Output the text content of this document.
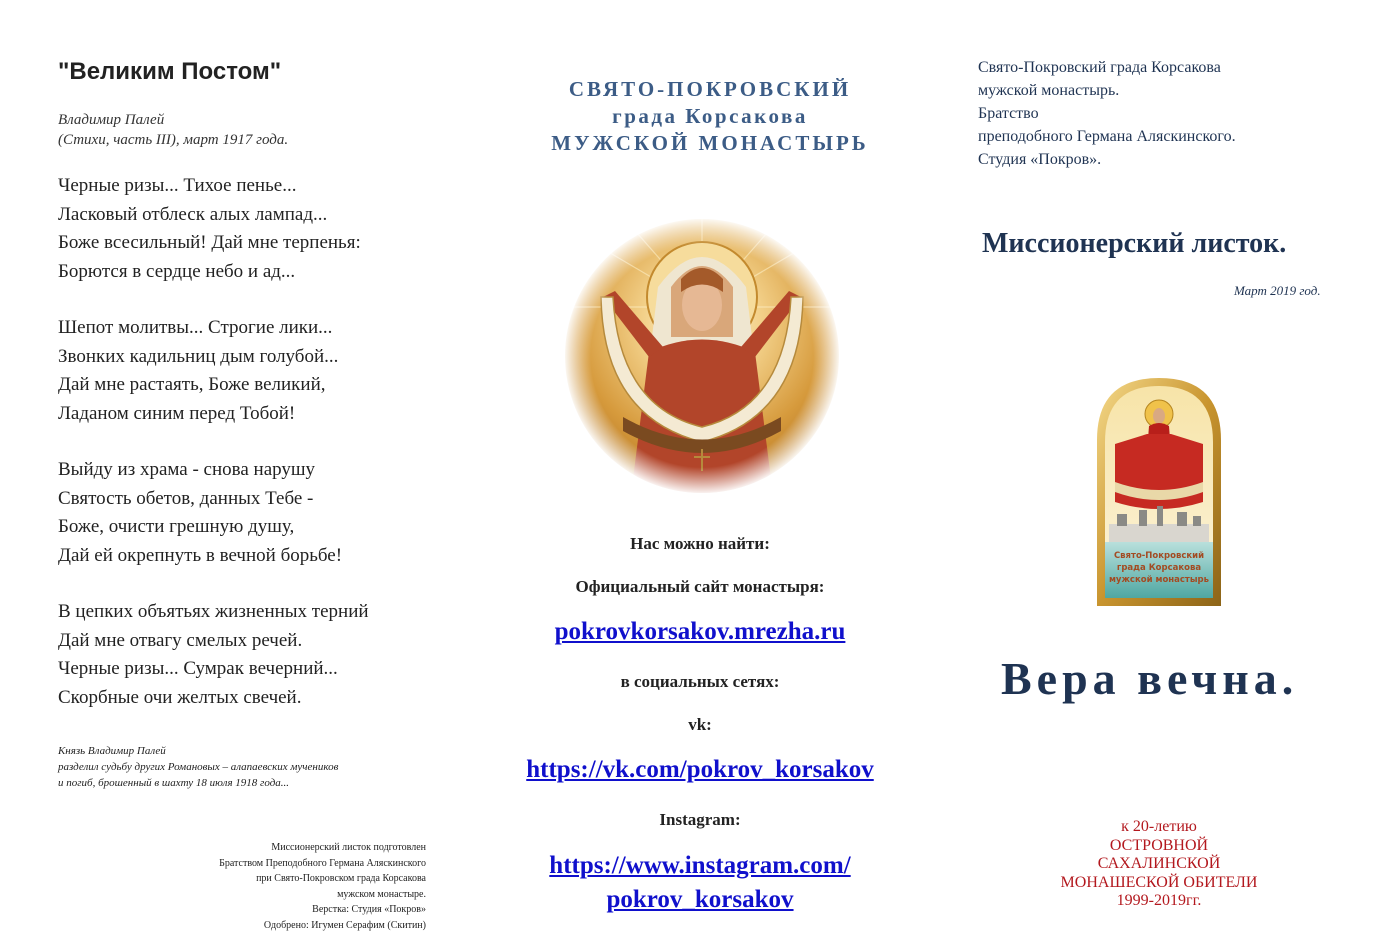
"Великим Постом"
Владимир Палей
(Стихи, часть III), март 1917 года.
Черные ризы... Тихое пенье...
Ласковый отблеск алых лампад...
Боже всесильный! Дай мне терпенья:
Борются в сердце небо и ад...
Шепот молитвы... Строгие лики...
Звонких кадильниц дым голубой...
Дай мне растаять, Боже великий,
Ладаном синим перед Тобой!
Выйду из храма - снова нарушу
Святость обетов, данных Тебе -
Боже, очисти грешную душу,
Дай ей окрепнуть в вечной борьбе!
В цепких объятьях жизненных терний
Дай мне отвагу смелых речей.
Черные ризы... Сумрак вечерний...
Скорбные очи желтых свечей.
Князь Владимир Палей
разделил судьбу других Романовых – алапаевских мучеников
и погиб, брошенный в шахту 18 июля 1918 года...
Миссионерский листок подготовлен
Братством Преподобного Германа Аляскинского
при Свято-Покровском града Корсакова
мужском монастыре.
Верстка: Студия «Покров»
Одобрено: Игумен Серафим (Скитин)
СВЯТО-ПОКРОВСКИЙ
града Корсакова
МУЖСКОЙ МОНАСТЫРЬ
Нас можно найти:
Официальный сайт монастыря:
pokrovkorsakov.mrezha.ru
в социальных сетях:
vk:
https://vk.com/pokrov_korsakov
Instagram:
https://www.instagram.com/
pokrov_korsakov
Свято-Покровский града Корсакова
мужской монастырь.
Братство
преподобного Германа Аляскинского.
Студия «Покров».
Миссионерский листок.
Март 2019 год.
Свято-Покровский
града Корсакова
мужской монастырь
Вера вечна.
к 20-летию
ОСТРОВНОЙ
САХАЛИНСКОЙ
МОНАШЕСКОЙ ОБИТЕЛИ
1999-2019гг.
